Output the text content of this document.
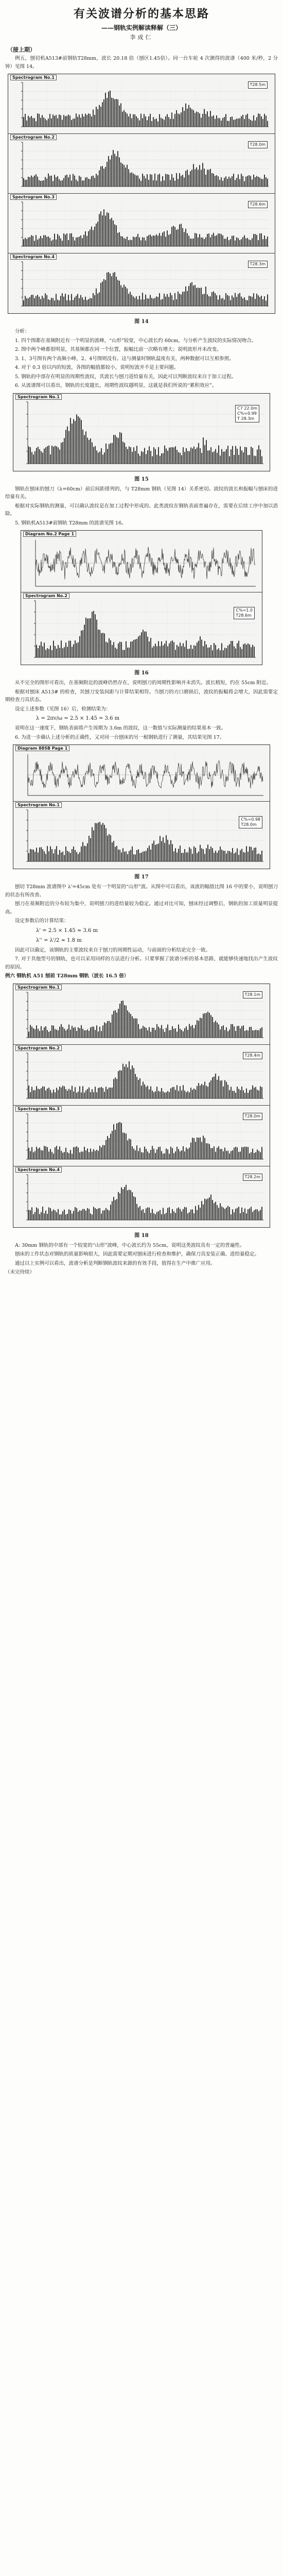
有关波谱分析的基本思路
——钢轨实例解读释解（三）
李成仁
（接上期）

例五，刨切机A513#前钢轨T28mm，波长 20.18 倍（刨区1.45倍）。同一台车轮 4 次测得的波谱（400 米/秒，2 分钟）见图 14。

Spectrogram No.1
T28.5m
Spectrogram No.2
T28.0m
Spectrogram No.3
T28.6m
Spectrogram No.4
T28.3m
图 14

分析：

1. 四个图都在基频附近有一个明显的波峰，“山形”较宽，中心波长约 60cm，与分析产生波纹的实际情况吻合。

2. 图中两个峰都很明显，其基频都在同一个位置，振幅比前一次略有增大；说明波形并未改变。

3. 1、3号图有两个高频小峰，2、4号图则没有。这与测量时钢轨温度有关，两种数据可以互相参照。

4. 对于 0.3 倍以内的短波，各图的幅值都较小，说明短波并不是主要问题。

5. 钢轨的中部存在明显的周期性波纹，其波长与刨刀进给量有关，因此可以判断波纹来自于加工过程。

6. 从波谱图可以看出，钢轨的长度越长，周期性波纹越明显，这就是我们所说的“累积效应”。

Spectrogram No.1
C7 22.0m
C%=0.99
T 28.3m
图 15

钢轨在刨床的刨刀（λ=60cm）前后间距排列的，与 T28mm 钢轨（见图 14）关系密切。波纹的波长和振幅与刨床的进给量有关。

根据对实际钢轨的测量，可以确认波纹是在加工过程中形成的。此类波纹在钢轨表面普遍存在，需要在后续工序中加以消除。

5. 钢轨机A513#前钢轨 T28mm 的波谱见图 16。

Diagram No.2 Page 1
Spectrogram No.2
C%=1.0
T28.6m
图 16

从不完全的图形可看出，在基频附近的波峰仍然存在，说明刨刀的周期性影响并未消失。波长稍短，约在 55cm 附近。

根据对刨床 A513# 的检查，其刨刀安装间距与计算结果相符。当刨刀的刃口磨损后，波纹的振幅将会增大，因此需要定期检查刀具状态。

设定上述参数（见图 16）后，检测结果为：

λ = 2πv/ω = 2.5 × 1.45 = 3.6 m

说明在这一速度下，钢轨表面将产生周期为 3.6m 的波纹，这一数值与实际测量的结果基本一致。

6. 为进一步确认上述分析的正确性，又对同一台刨床的另一根钢轨进行了测量，其结果见图 17。

Diagram 88SB Page 1
Spectrogram No.1
C%=0.98
T28.0m
图 17

刨切 T28mm 波谱图中 λ'=45cm 处有一个明显的“山形”波。从图中可以看出，该波的幅值比图 16 中的要小，说明刨刀的状态有所改善。

刨刀在基频附近的分布较为集中，说明刨刀的进给量较为稳定。通过对比可知，刨床经过调整后，钢轨的加工质量明显提高。

设定参数后的计算结果：

λ' = 2.5 × 1.45 ≈ 3.6 m
λ'' = λ'/2 ≈ 1.8 m

因此可以确定，该钢轨的主要波纹来自于刨刀的周期性运动，与前面的分析结论完全一致。

7. 对于其他型号的钢轨，也可以采用同样的方法进行分析。只要掌握了波谱分析的基本思路，就能够快速地找出产生波纹的原因。

例六 钢轨机 A51 刨前 T28mm 钢轨（波长 16.5 倍）

Spectrogram No.1
T28.1m
Spectrogram No.2
T28.4m
Spectrogram No.3
T28.0m
Spectrogram No.4
T28.2m
图 18

A: 30mm 钢轨的中部有一个较宽的“山形”波峰，中心波长约为 55cm，说明这类波纹具有一定的普遍性。

刨床的工作状态对钢轨的质量影响很大，因此需要定期对刨床进行检查和维护，确保刀具安装正确、进给量稳定。

通过以上实例可以看出，波谱分析是判断钢轨波纹来源的有效手段，值得在生产中推广应用。

（未完待续）
